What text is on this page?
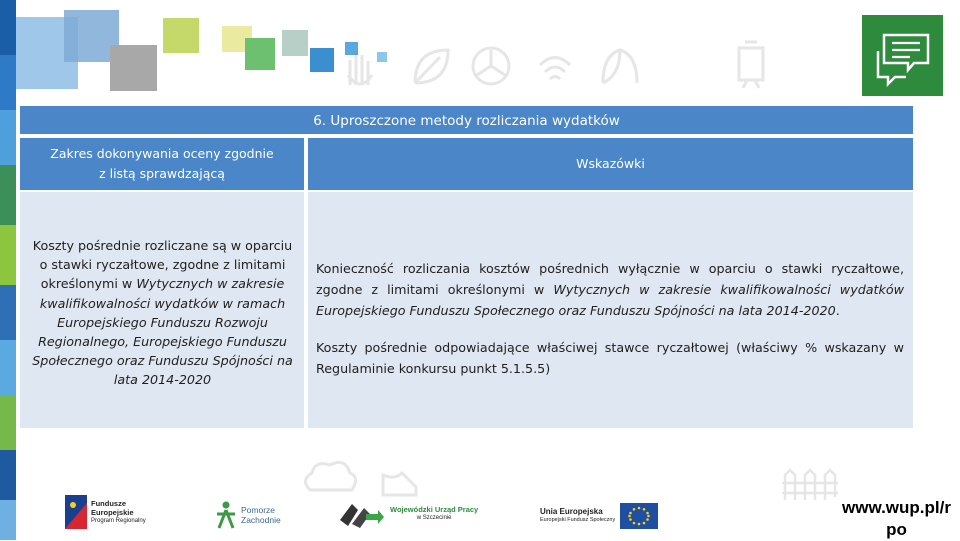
6. Uproszczone metody rozliczania wydatków
Zakres dokonywania oceny zgodnie
z listą sprawdzającą
Wskazówki
Koszty pośrednie rozliczane są w oparciu o stawki ryczałtowe, zgodne z limitami określonymi w Wytycznych w zakresie kwalifikowalności wydatków w ramach Europejskiego Funduszu Rozwoju Regionalnego, Europejskiego Funduszu Społecznego oraz Funduszu Spójności na lata 2014-2020

Konieczność rozliczania kosztów pośrednich wyłącznie w oparciu o stawki ryczałtowe, zgodne z limitami określonymi w Wytycznych w zakresie kwalifikowalności wydatków Europejskiego Funduszu Społecznego oraz Funduszu Spójności na lata 2014-2020.

Koszty pośrednie odpowiadające właściwej stawce ryczałtowej (właściwy % wskazany w Regulaminie konkursu punkt 5.1.5.5)

Fundusze
Europejskie
Program Regionalny
Pomorze
Zachodnie
Wojewódzki Urząd Pracy
w Szczecinie
Unia Europejska
Europejski Fundusz Społeczny
www.wup.pl/r
po
